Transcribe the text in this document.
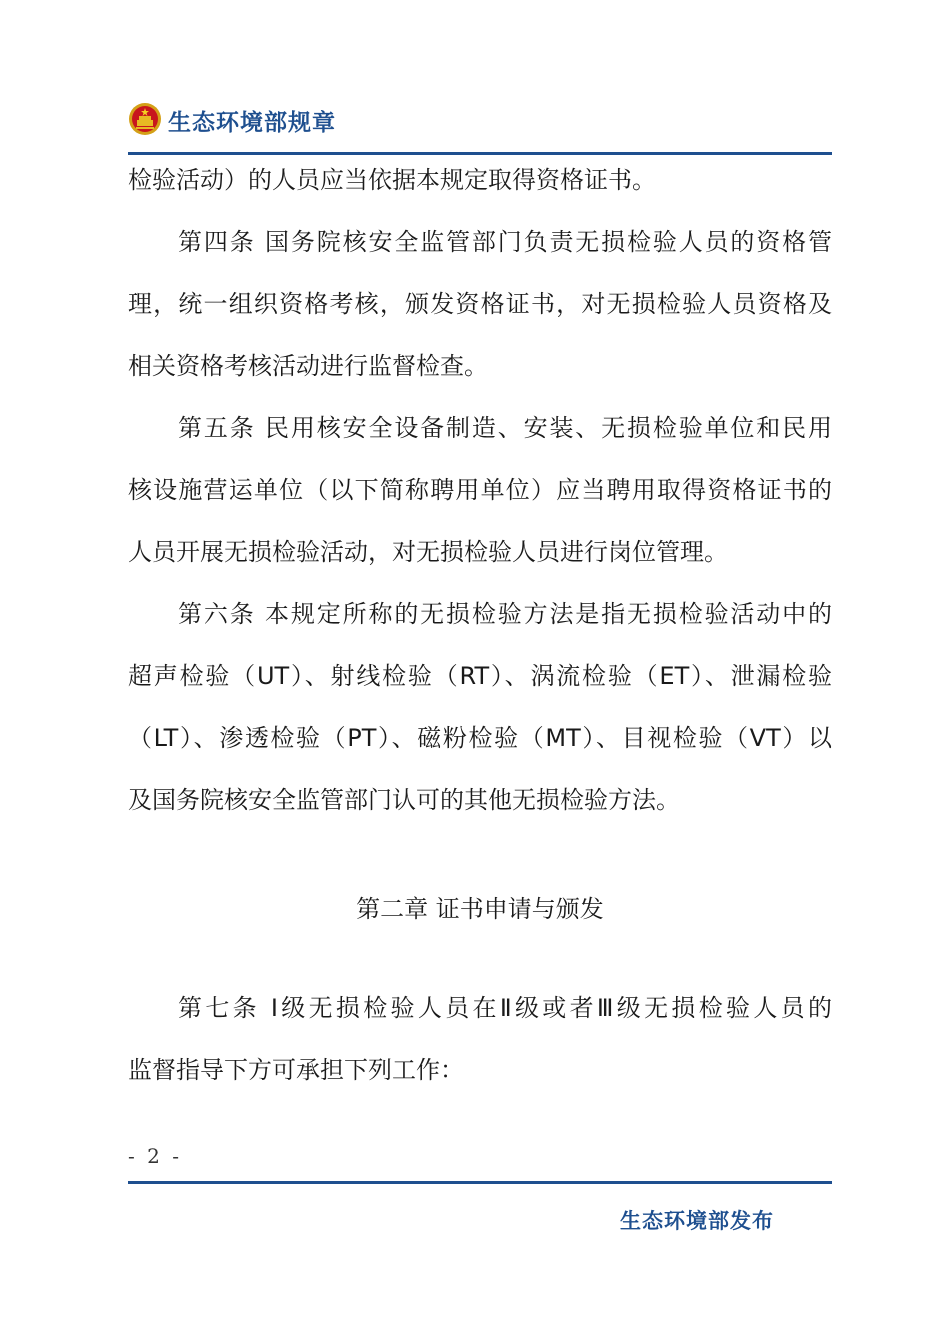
生态环境部规章
检验活动）的人员应当依据本规定取得资格证书。
第四条 国务院核安全监管部门负责无损检验人员的资格管
理，统一组织资格考核，颁发资格证书，对无损检验人员资格及
相关资格考核活动进行监督检查。
第五条 民用核安全设备制造、安装、无损检验单位和民用
核设施营运单位（以下简称聘用单位）应当聘用取得资格证书的
人员开展无损检验活动，对无损检验人员进行岗位管理。
第六条 本规定所称的无损检验方法是指无损检验活动中的
超声检验（UT）、射线检验（RT）、涡流检验（ET）、泄漏检验
（LT）、渗透检验（PT）、磁粉检验（MT）、目视检验（VT）以
及国务院核安全监管部门认可的其他无损检验方法。
第二章 证书申请与颁发
第七条 Ⅰ级无损检验人员在Ⅱ级或者Ⅲ级无损检验人员的
监督指导下方可承担下列工作：
- 2 -
生态环境部发布
